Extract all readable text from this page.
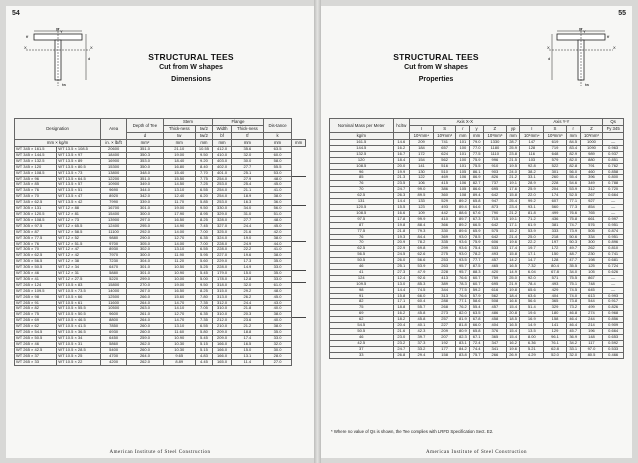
54
bf
tf
X	X
Y
d
tw
STRUCTURAL TEES
Cut from W shapes
Dimensions
Designation		Area	Depth of Tee	Stem		Flange		Dis-tance	
				Thick-ness	tw/2	Width	Thick-ness		
			d	tw	tw/2	bf	tf	k	
mm × kg/m		in. × lb/ft	mm²	mm	mm	mm	mm	mm	mm
WT 345 × 161.5	WT 13.5 × 108.5	20600	351.0	21.10	10.55	412.0	35.6	63.5	
WT 345 × 144.5	WT 13.5 × 97	18400	350.3	19.00	9.50	410.0	32.0	60.0	
WT 345 × 132.5	WT 13.5 × 89	16900	353.0	18.40	9.20	403.0	30.0	58.0	
WT 345 × 120	WT 13.5 × 80.5	15300	350.0	16.80	8.40	402.0	27.7	55.5	
WT 345 × 108.5	WT 13.5 × 73	13800	348.0	15.40	7.70	401.0	25.1	53.0	
WT 345 × 96	WT 13.5 × 64.5	12200	351.0	15.50	7.75	254.0	27.9	48.0	
WT 345 × 85	WT 13.5 × 57	10900	349.0	14.50	7.25	253.0	25.4	45.0	
WT 345 × 76	WT 13.5 × 51	9690	344.0	13.10	6.55	254.0	21.1	41.0	
WT 345 × 70	WT 13.5 × 47	8920	342.0	12.40	6.20	254.0	18.9	38.0	
WT 345 × 62.5	WT 13.5 × 42	7990	339.0	11.70	5.85	253.0	16.3	36.0	
WT 305 × 131	WT 12 × 88	16700	301.0	19.00	9.50	330.0	34.0	56.0	
WT 305 × 120.5	WT 12 × 81	15400	300.0	17.90	8.95	329.0	31.0	51.0	
WT 305 × 108.5	WT 12 × 73	13900	297.0	16.50	8.25	328.0	27.7	48.0	
WT 305 × 97.5	WT 12 × 65.5	12400	295.0	14.90	7.45	327.0	24.4	45.0	
WT 305 × 87	WT 12 × 58.5	11100	292.0	14.00	7.00	325.0	21.6	42.0	
WT 305 × 77.5	WT 12 × 52	9880	290.0	12.70	6.35	324.0	19.0	38.0	
WT 305 × 76	WT 12 × 51.5	9700	305.0	14.00	7.00	228.0	24.9	44.0	
WT 305 × 70	WT 12 × 47	8930	302.0	13.10	6.55	228.0	22.2	41.0	
WT 305 × 62.5	WT 12 × 42	7970	300.0	11.90	5.95	227.0	19.6	38.0	
WT 305 × 56.5	WT 12 × 38	7230	304.0	11.20	5.60	229.0	17.3	35.0	
WT 305 × 50.5	WT 12 × 34	6470	301.0	10.50	5.25	228.0	14.9	33.0	
WT 305 × 46	WT 12 × 31	5880	301.0	10.90	5.45	179.0	15.0	35.0	
WT 305 × 41	WT 12 × 27.5	5220	299.0	10.00	5.00	178.0	12.8	33.0	
WT 265 × 124	WT 10.5 × 83	15800	270.0	19.00	9.50	318.0	32.0	61.0	
WT 265 × 109.5	WT 10.5 × 73.5	14000	267.0	16.50	8.25	315.0	29.2	48.0	
WT 265 × 98	WT 10.5 × 66	12500	266.0	15.60	7.80	313.0	26.2	45.0	
WT 265 × 91	WT 10.5 × 61	11600	264.0	14.70	7.35	312.0	24.4	43.0	
WT 265 × 82	WT 10.5 × 55.5	10500	263.0	14.10	7.05	310.0	21.8	40.0	
WT 265 × 75	WT 10.5 × 50.5	9600	261.0	12.70	6.35	310.0	20.3	38.0	
WT 265 × 69	WT 10.5 × 46.5	8800	264.0	14.70	7.35	212.0	23.6	40.0	
WT 265 × 62	WT 10.5 × 41.5	7850	260.0	13.10	6.55	210.0	21.2	38.0	
WT 265 × 54.5	WT 10.5 × 36.5	6930	260.0	11.60	5.80	209.0	18.8	35.0	
WT 265 × 50.5	WT 10.5 × 34	6450	259.0	10.90	5.45	209.0	17.4	33.0	
WT 265 × 46	WT 10.5 × 31	5860	262.0	10.30	5.15	166.0	16.5	32.0	
WT 265 × 42.5	WT 10.5 × 28.5	5400	260.0	10.30	5.15	166.0	15.0	30.0	
WT 265 × 37	WT 10.5 × 25	4700	264.0	9.65	4.83	166.0	13.1	28.0	
WT 265 × 33	WT 10.5 × 22	4200	262.0	8.89	4.45	165.0	11.4	27.0	
American Institute of Steel Construction
55
bf
tf
X	X
Y
d
tw
STRUCTURAL TEES
Cut from W shapes
Properties
Nominal Mass per Meter	hc/tw	Axis X-X						Axis Y-Y				Qs
		I	S	r	y	Z	yp	I	S	r	Z	Fy 345
kg/m		10⁶mm⁴	10³mm³	mm	mm	10³mm³	mm	10⁶mm⁴	10³mm³	mm	10³mm³	
161.5	14.6	209	741	101	79.0	1330	28.7	147	619	84.5	1000	—
144.5	16.2	184	657	100	77.0	1180	25.9	128	719	83.4	1090	0.963
132.5	16.7	172	624	101	77.5	1110	23.8	116	648	82.9	989	0.937
120	18.4	154	562	100	75.9	996	21.5	103	579	82.0	880	0.851
108.5	20.0	141	516	101	75.5	910	19.5	92.8	522	82.8	791	0.762
96	19.9	130	510	105	86.1	903	24.0	38.2	301	56.0	460	0.858
85	21.3	122	469	106	86.9	826	21.2	33.1	260	55.4	396	0.800
76	23.5	106	415	106	82.7	737	19.1	28.9	228	54.6	349	0.788
70	24.7	99.0	386	105	86.6	695	17.6	25.9	204	53.9	312	0.720
62.5	26.3	89.5	360	108	89.4	642	15.8	22.0	174	52.5	267	0.664
131	14.4	133	529	89.2	65.8	947	25.4	99.2	607	77.1	927	—
120.5	15.5	123	493	89.4	64.6	873	23.4	93.1	560	77.3	854	—
108.5	16.6	109	442	88.6	67.6	790	21.2	81.8	499	76.6	765	—
97.5	17.8	99.9	410	89.7	67.3	715	19.1	71.2	436	75.8	661	0.997
87	19.8	88.4	366	89.2	66.5	642	17.1	61.9	381	74.7	576	0.951
77.5	21.8	79.3	330	89.6	65.9	575	15.2	53.9	333	73.9	505	0.874
76	19.3	84.4	369	93.0	78.5	642	21.4	25.0	218	50.6	334	0.951
70	20.9	78.2	335	93.6	75.9	606	19.6	22.2	197	50.3	300	0.896
62.5	22.9	69.8	299	93.6	75.4	533	17.4	19.7	172	49.7	262	0.810
56.5	24.5	62.6	275	93.0	78.2	493	15.8	17.1	150	48.7	230	0.741
50.5	26.0	56.6	253	93.5	77.7	457	14.2	14.7	128	47.7	198	0.681
46	25.1	53.9	263	95.7	87.5	465	16.5	7.32	80.4	35.5	125	0.724
41	27.3	47.9	228	95.7	88.3	420	14.9	6.04	67.8	34.0	105	0.626
124	12.4	92.6	413	76.6	60.7	759	25.0	92.0	571	75.5	867	—
109.5	13.0	85.3	389	78.3	60.7	695	21.9	78.4	493	75.1	748	—
98	14.4	74.5	344	77.5	59.2	616	19.8	65.6	429	74.5	645	—
91	15.8	66.0	313	76.6	57.9	562	18.4	63.6	404	74.0	613	0.993
82	17.1	60.4	288	77.1	58.6	508	16.6	56.6	365	73.8	544	0.917
75	18.8	55.7	268	76.2	55.4	457	15.4	51.4	329	73.2	499	0.826
69	16.2	45.8	273	82.0	63.5	486	20.8	19.6	180	46.8	274	0.968
62	18.2	45.8	257	81.9	67.8	458	18.5	16.9	158	46.4	244	0.856
54.5	20.4	40.1	227	81.8	66.0	404	16.5	14.9	141	46.4	214	0.909
50.5	21.6	42.3	209	80.9	65.8	376	15.4	13.5	129	45.7	196	0.664
46	23.0	39.7	207	82.3	67.1	365	15.4	8.00	96.1	36.9	148	0.653
42.5	23.2	37.3	192	83.1	72.4	347	16.2	6.36	76.1	34.2	117	0.592
37	24.7	33.2	177	84.2	74.4	341	19.6	5.21	62.8	33.1	97.0	0.533
33	26.8	29.4	158	83.8	75.7	266	26.9	4.29	52.0	32.0	80.5	0.466
* Where no value of Qs is shown, the Tee complies with LRFD Specification Sect. E2.
American Institute of Steel Construction
